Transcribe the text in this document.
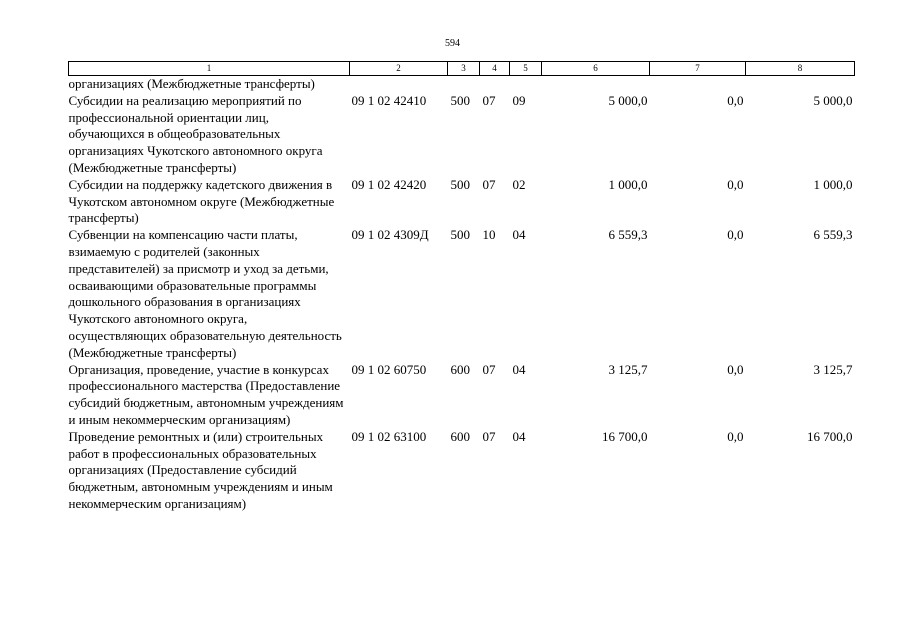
594
1	2	3	4	5	6	7	8
организациях (Межбюджетные трансферты)							
Субсидии на реализацию мероприятий по профессиональной ориентации лиц, обучающихся в общеобразовательных организациях Чукотского автономного округа (Межбюджетные трансферты)	09 1 02 42410	500	07	09	5 000,0	0,0	5 000,0
Субсидии на поддержку кадетского движения в Чукотском автономном округе (Межбюджетные трансферты)	09 1 02 42420	500	07	02	1 000,0	0,0	1 000,0
Субвенции на компенсацию части платы, взимаемую с родителей (законных представителей) за присмотр и уход за детьми, осваивающими образовательные программы дошкольного образования в организациях Чукотского автономного округа, осуществляющих образовательную деятельность (Межбюджетные трансферты)	09 1 02 4309Д	500	10	04	6 559,3	0,0	6 559,3
Организация, проведение, участие в конкурсах профессионального мастерства (Предоставление субсидий бюджетным, автономным учреждениям и иным некоммерческим организациям)	09 1 02 60750	600	07	04	3 125,7	0,0	3 125,7
Проведение ремонтных и (или) строительных работ в профессиональных образовательных организациях (Предоставление субсидий бюджетным, автономным учреждениям и иным некоммерческим организациям)	09 1 02 63100	600	07	04	16 700,0	0,0	16 700,0
